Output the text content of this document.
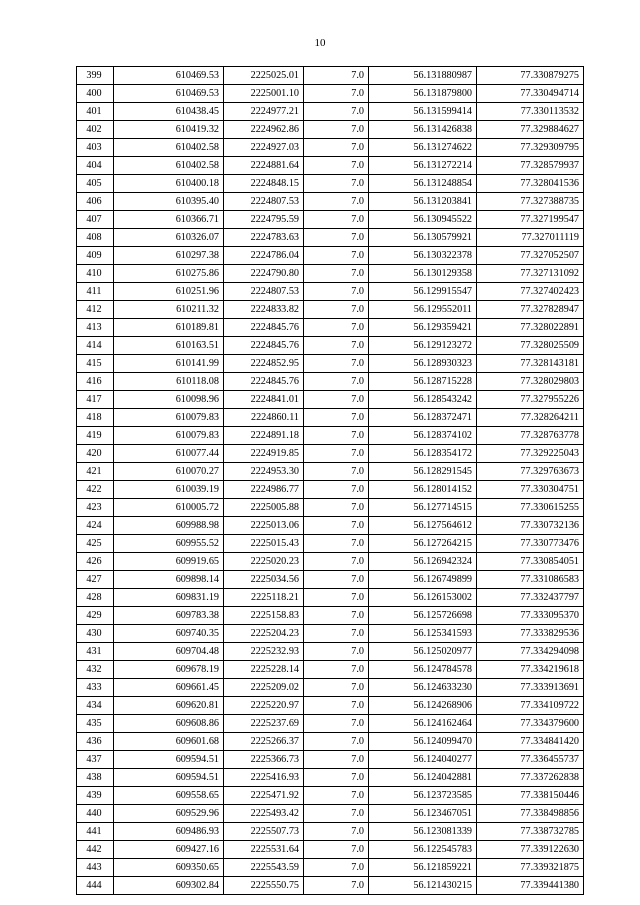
10
399	610469.53	2225025.01	7.0	56.131880987	77.330879275
400	610469.53	2225001.10	7.0	56.131879800	77.330494714
401	610438.45	2224977.21	7.0	56.131599414	77.330113532
402	610419.32	2224962.86	7.0	56.131426838	77.329884627
403	610402.58	2224927.03	7.0	56.131274622	77.329309795
404	610402.58	2224881.64	7.0	56.131272214	77.328579937
405	610400.18	2224848.15	7.0	56.131248854	77.328041536
406	610395.40	2224807.53	7.0	56.131203841	77.327388735
407	610366.71	2224795.59	7.0	56.130945522	77.327199547
408	610326.07	2224783.63	7.0	56.130579921	77.327011119
409	610297.38	2224786.04	7.0	56.130322378	77.327052507
410	610275.86	2224790.80	7.0	56.130129358	77.327131092
411	610251.96	2224807.53	7.0	56.129915547	77.327402423
412	610211.32	2224833.82	7.0	56.129552011	77.327828947
413	610189.81	2224845.76	7.0	56.129359421	77.328022891
414	610163.51	2224845.76	7.0	56.129123272	77.328025509
415	610141.99	2224852.95	7.0	56.128930323	77.328143181
416	610118.08	2224845.76	7.0	56.128715228	77.328029803
417	610098.96	2224841.01	7.0	56.128543242	77.327955226
418	610079.83	2224860.11	7.0	56.128372471	77.328264211
419	610079.83	2224891.18	7.0	56.128374102	77.328763778
420	610077.44	2224919.85	7.0	56.128354172	77.329225043
421	610070.27	2224953.30	7.0	56.128291545	77.329763673
422	610039.19	2224986.77	7.0	56.128014152	77.330304751
423	610005.72	2225005.88	7.0	56.127714515	77.330615255
424	609988.98	2225013.06	7.0	56.127564612	77.330732136
425	609955.52	2225015.43	7.0	56.127264215	77.330773476
426	609919.65	2225020.23	7.0	56.126942324	77.330854051
427	609898.14	2225034.56	7.0	56.126749899	77.331086583
428	609831.19	2225118.21	7.0	56.126153002	77.332437797
429	609783.38	2225158.83	7.0	56.125726698	77.333095370
430	609740.35	2225204.23	7.0	56.125341593	77.333829536
431	609704.48	2225232.93	7.0	56.125020977	77.334294098
432	609678.19	2225228.14	7.0	56.124784578	77.334219618
433	609661.45	2225209.02	7.0	56.124633230	77.333913691
434	609620.81	2225220.97	7.0	56.124268906	77.334109722
435	609608.86	2225237.69	7.0	56.124162464	77.334379600
436	609601.68	2225266.37	7.0	56.124099470	77.334841420
437	609594.51	2225366.73	7.0	56.124040277	77.336455737
438	609594.51	2225416.93	7.0	56.124042881	77.337262838
439	609558.65	2225471.92	7.0	56.123723585	77.338150446
440	609529.96	2225493.42	7.0	56.123467051	77.338498856
441	609486.93	2225507.73	7.0	56.123081339	77.338732785
442	609427.16	2225531.64	7.0	56.122545783	77.339122630
443	609350.65	2225543.59	7.0	56.121859221	77.339321875
444	609302.84	2225550.75	7.0	56.121430215	77.339441380
